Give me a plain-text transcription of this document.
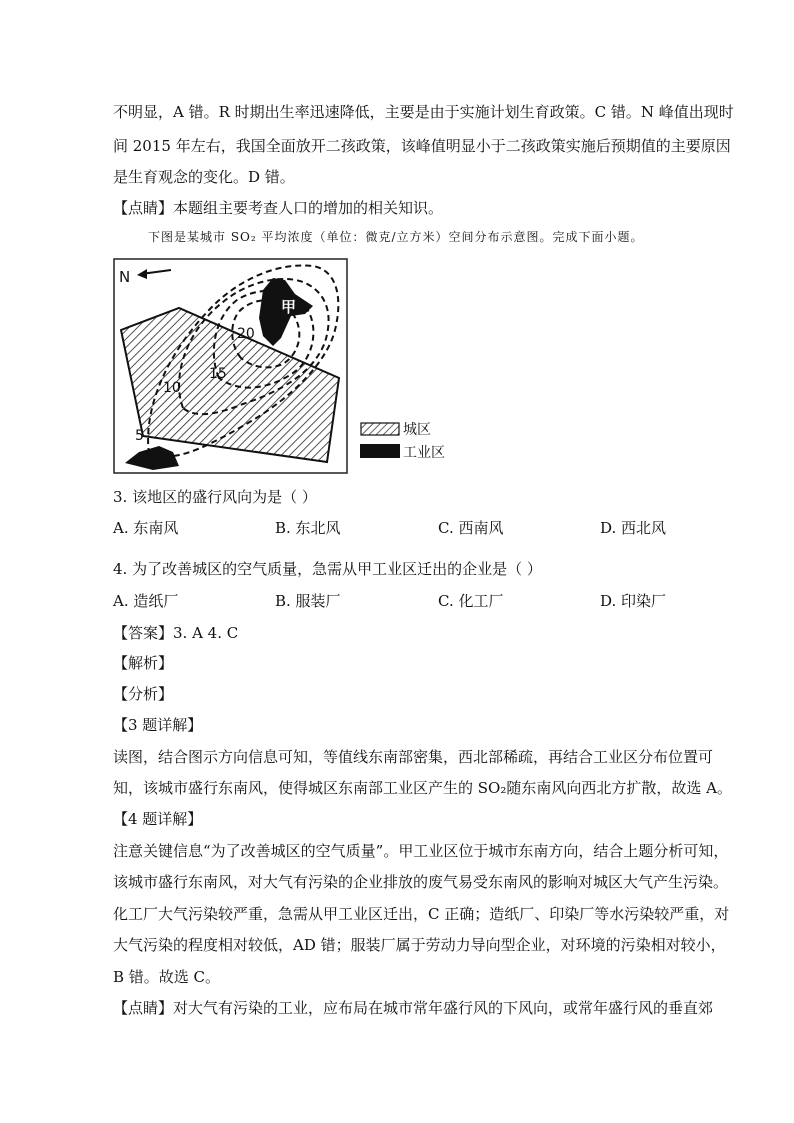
不明显，A 错。R 时期出生率迅速降低，主要是由于实施计划生育政策。C 错。N 峰值出现时
间 2015 年左右，我国全面放开二孩政策，该峰值明显小于二孩政策实施后预期值的主要原因
是生育观念的变化。D 错。
【点睛】本题组主要考查人口的增加的相关知识。
下图是某城市 SO₂ 平均浓度（单位：微克/立方米）空间分布示意图。完成下面小题。
20
15
10
5
甲
N
城区
工业区
3. 该地区的盛行风向为是（ ）
A. 东南风	B. 东北风	C. 西南风	D. 西北风
4. 为了改善城区的空气质量，急需从甲工业区迁出的企业是（ ）
A. 造纸厂	B. 服装厂	C. 化工厂	D. 印染厂
【答案】3. A 4. C
【解析】
【分析】
【3 题详解】
读图，结合图示方向信息可知，等值线东南部密集，西北部稀疏，再结合工业区分布位置可
知，该城市盛行东南风，使得城区东南部工业区产生的 SO₂随东南风向西北方扩散，故选 A。
【4 题详解】
注意关键信息“为了改善城区的空气质量”。甲工业区位于城市东南方向，结合上题分析可知，
该城市盛行东南风，对大气有污染的企业排放的废气易受东南风的影响对城区大气产生污染。
化工厂大气污染较严重，急需从甲工业区迁出，C 正确；造纸厂、印染厂等水污染较严重，对
大气污染的程度相对较低，AD 错；服装厂属于劳动力导向型企业，对环境的污染相对较小，
B 错。故选 C。
【点睛】对大气有污染的工业，应布局在城市常年盛行风的下风向，或常年盛行风的垂直郊
